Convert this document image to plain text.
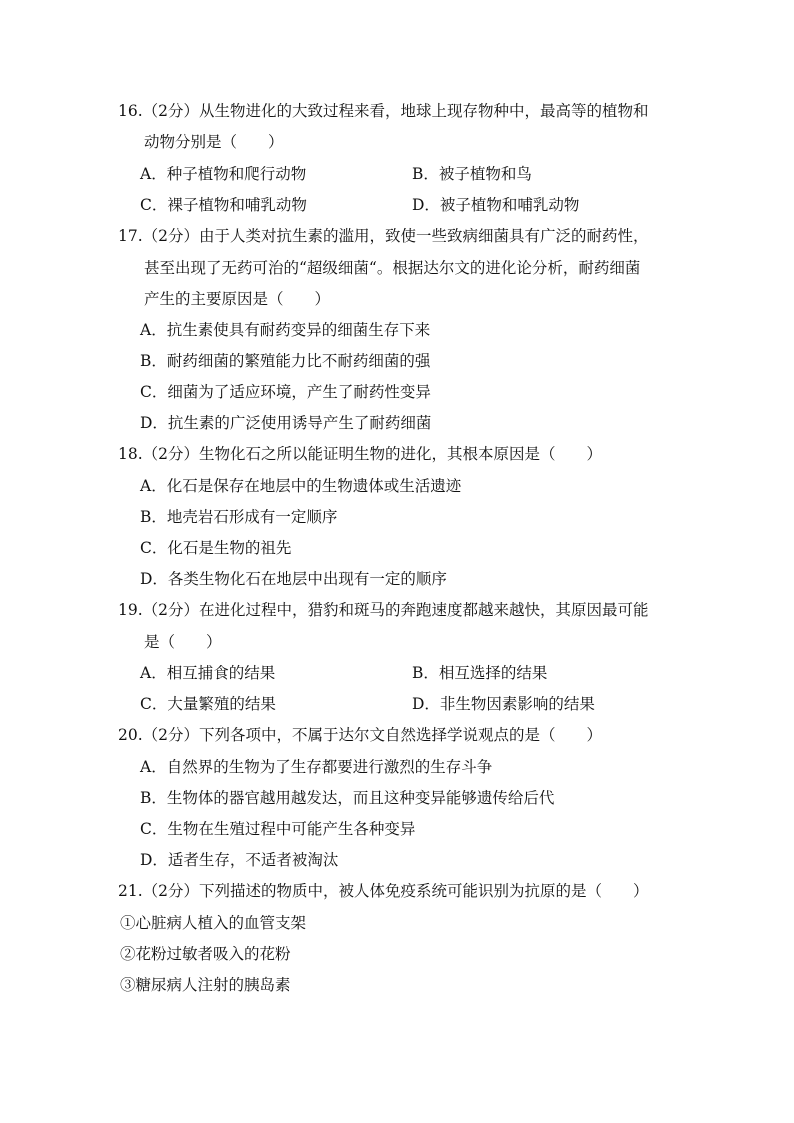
16.（2分）从生物进化的大致过程来看，地球上现存物种中，最高等的植物和
动物分别是（　　）
A．种子植物和爬行动物	B．被子植物和鸟
C．裸子植物和哺乳动物	D．被子植物和哺乳动物
17.（2分）由于人类对抗生素的滥用，致使一些致病细菌具有广泛的耐药性，
甚至出现了无药可治的“超级细菌“。根据达尔文的进化论分析，耐药细菌
产生的主要原因是（　　）
A．抗生素使具有耐药变异的细菌生存下来
B．耐药细菌的繁殖能力比不耐药细菌的强
C．细菌为了适应环境，产生了耐药性变异
D．抗生素的广泛使用诱导产生了耐药细菌
18.（2分）生物化石之所以能证明生物的进化，其根本原因是（　　）
A．化石是保存在地层中的生物遗体或生活遗迹
B．地壳岩石形成有一定顺序
C．化石是生物的祖先
D．各类生物化石在地层中出现有一定的顺序
19.（2分）在进化过程中，猎豹和斑马的奔跑速度都越来越快，其原因最可能
是（　　）
A．相互捕食的结果	B．相互选择的结果
C．大量繁殖的结果	D．非生物因素影响的结果
20.（2分）下列各项中，不属于达尔文自然选择学说观点的是（　　）
A．自然界的生物为了生存都要进行激烈的生存斗争
B．生物体的器官越用越发达，而且这种变异能够遗传给后代
C．生物在生殖过程中可能产生各种变异
D．适者生存，不适者被淘汰
21.（2分）下列描述的物质中，被人体免疫系统可能识别为抗原的是（　　）
①心脏病人植入的血管支架
②花粉过敏者吸入的花粉
③糖尿病人注射的胰岛素
